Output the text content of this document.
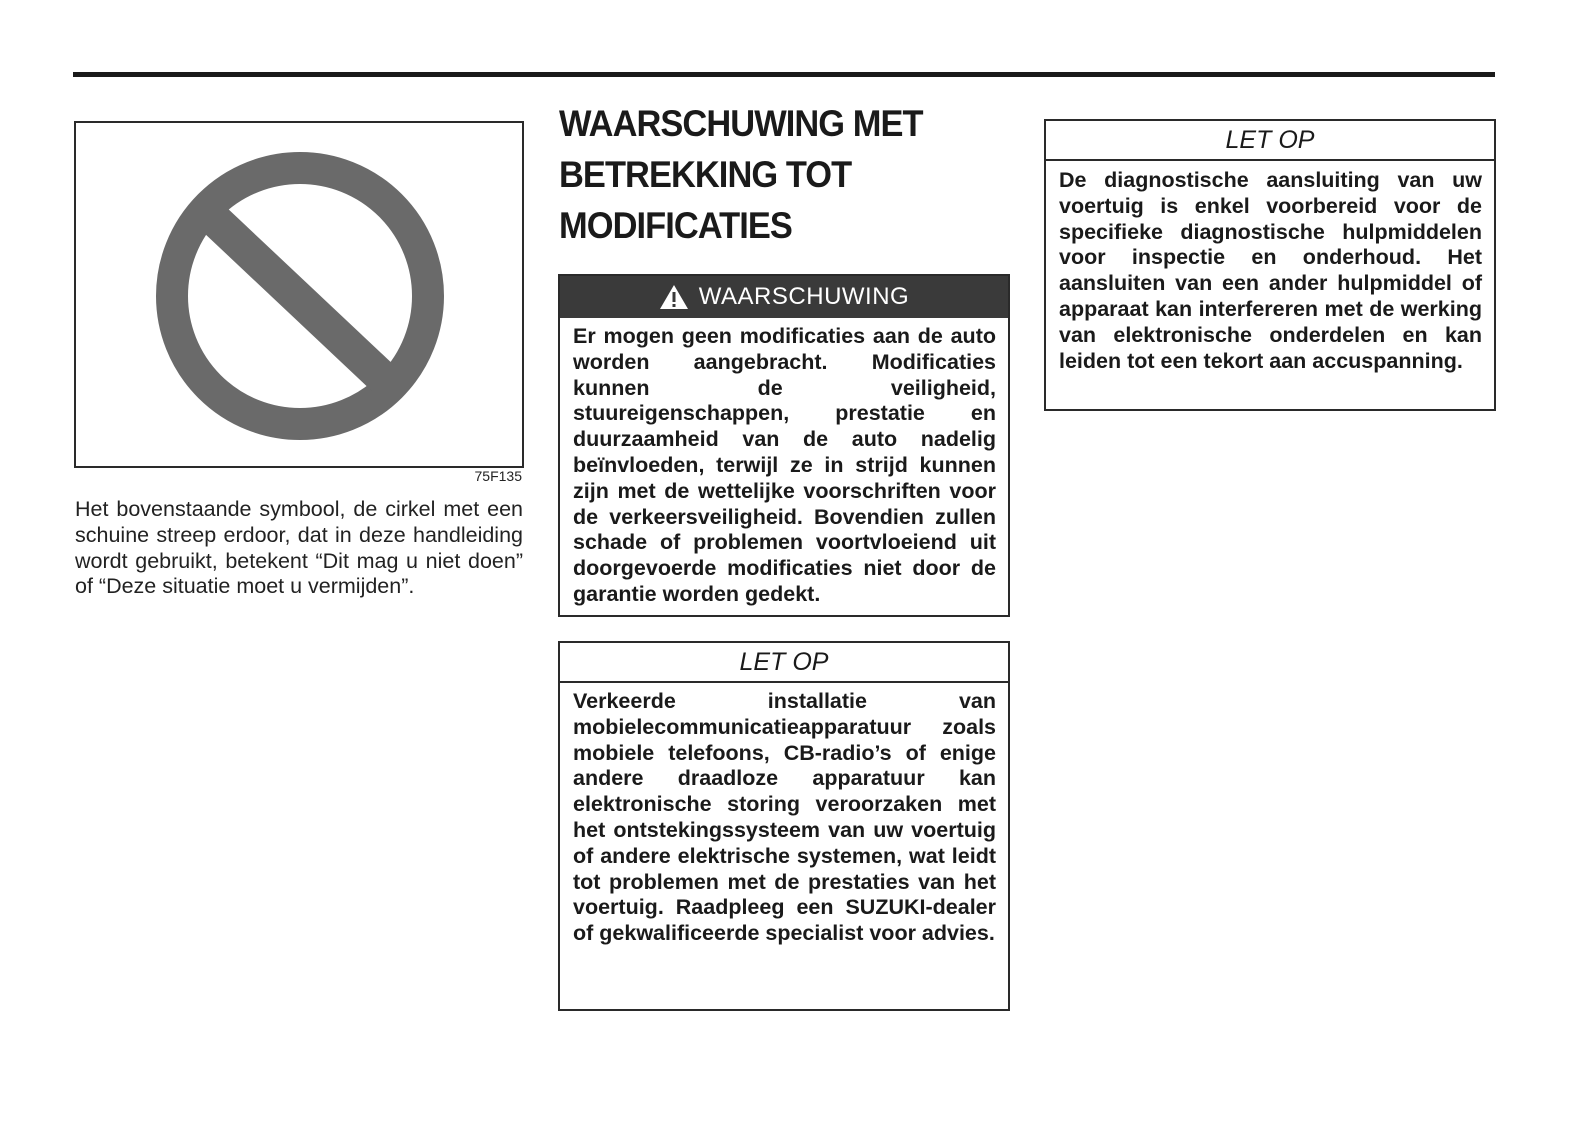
75F135
Het bovenstaande symbool, de cirkel met een schuine streep erdoor, dat in deze handleiding wordt gebruikt, betekent “Dit mag u niet doen” of “Deze situatie moet u vermijden”.
WAARSCHUWING MET BETREKKING TOT MODIFICATIES
WAARSCHUWING
Er mogen geen modificaties aan de auto worden aangebracht. Modificaties kunnen de veiligheid, stuureigenschappen, prestatie en duurzaamheid van de auto nadelig beïnvloeden, terwijl ze in strijd kunnen zijn met de wettelijke voorschriften voor de verkeersveiligheid. Bovendien zullen schade of problemen voortvloeiend uit doorgevoerde modificaties niet door de garantie worden gedekt.
LET OP
Verkeerde installatie van mobielecommunicatieapparatuur zoals mobiele telefoons, CB-radio’s of enige andere draadloze apparatuur kan elektronische storing veroorzaken met het ontstekingssysteem van uw voertuig of andere elektrische systemen, wat leidt tot problemen met de prestaties van het voertuig. Raadpleeg een SUZUKI-dealer of gekwalificeerde specialist voor advies.
LET OP
De diagnostische aansluiting van uw voertuig is enkel voorbereid voor de specifieke diagnostische hulpmiddelen voor inspectie en onderhoud. Het aansluiten van een ander hulpmiddel of apparaat kan interfereren met de werking van elektronische onderdelen en kan leiden tot een tekort aan accuspanning.
